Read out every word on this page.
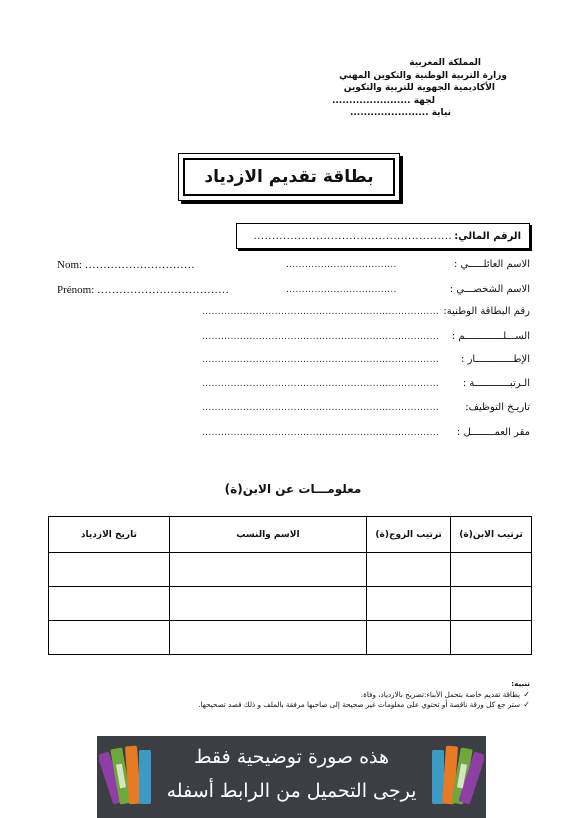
المملكة المغربية
وزارة التربية الوطنية والتكوين المهني
الأكاديمية الجهوية للتربية والتكوين
لجهة .......................
نيابة .......................
بطاقة تقديم الازدياد
الرقم المالي:
......................................................
الاسم العائلـــــي :
...................................
Nom: …………………………
الاسم الشخصـــي :
...................................
Prénom: ………………………………
رقم البطاقة الوطنية:
...........................................................................
الســـلـــــــــــــم :
...........................................................................
الإطـــــــــــــار :
...........................................................................
الـرتبــــــــــــة :
...........................................................................
تاريـخ التوظيف:
...........................................................................
مقر العمــــــــل :
...........................................................................
معلومـــات عن الابن(ة)
ترتيب الابن(ة)	ترتيب الزوج(ة)	الاسم والنسب	تاريخ الازدياد

تنبيه:
✓
بطاقة تقديم خاصة بتحمل الأبناء:تصريح بالازدياد، وفاة.
✓
ستر جع كل ورقة ناقصة أو تحتوي على معلومات غير صحيحة إلى صاحبها مرفقة بالملف و ذلك قصد تصحيحها.
هذه صورة توضيحية فقط
يرجى التحميل من الرابط أسفله
